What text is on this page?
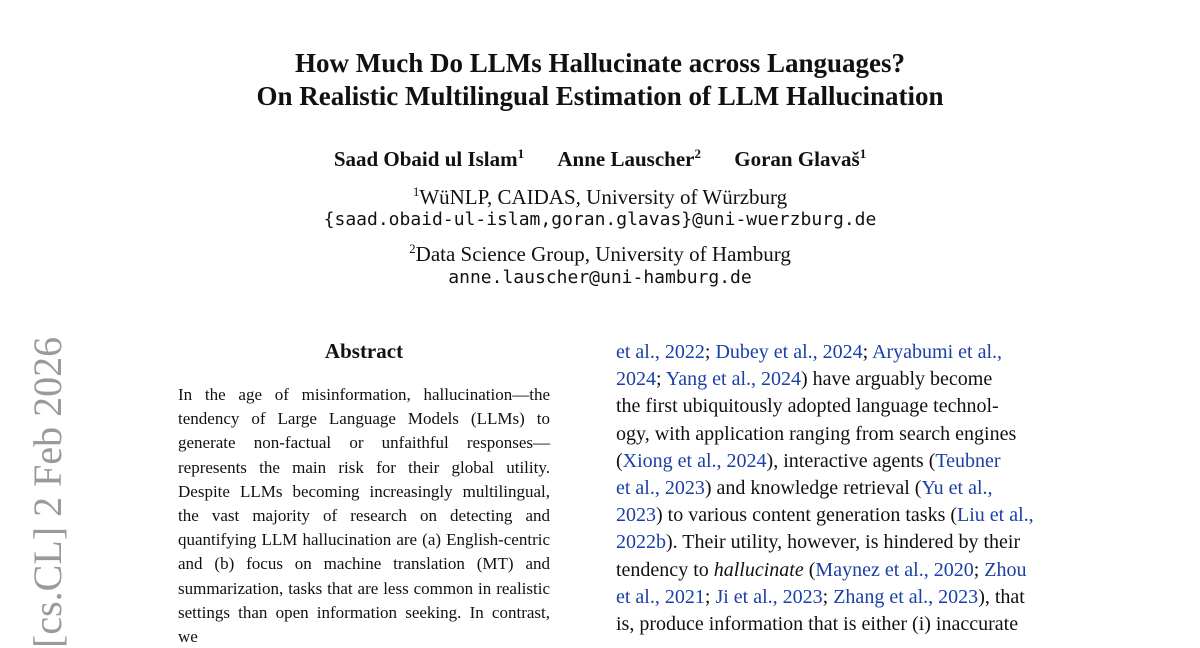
[cs.CL] 2 Feb 2026
How Much Do LLMs Hallucinate across Languages?
On Realistic Multilingual Estimation of LLM Hallucination
Saad Obaid ul Islam$^1$ Anne Lauscher$^2$ Goran Glavaš$^1$
$^1$WüNLP, CAIDAS, University of Würzburg
{saad.obaid-ul-islam,goran.glavas}@uni-wuerzburg.de
$^2$Data Science Group, University of Hamburg
anne.lauscher@uni-hamburg.de
Abstract
In the age of misinformation, hallucination—the tendency of Large Language Models (LLMs) to generate non-factual or unfaithful responses—represents the main risk for their global utility. Despite LLMs becoming increasingly multilingual, the vast majority of research on detecting and quantifying LLM hallucination are (a) English-centric and (b) focus on machine translation (MT) and summarization, tasks that are less common in realistic settings than open information seeking. In contrast, we
et al., 2022; Dubey et al., 2024; Aryabumi et al.,
2024; Yang et al., 2024) have arguably become
the first ubiquitously adopted language technol-
ogy, with application ranging from search engines
(Xiong et al., 2024), interactive agents (Teubner
et al., 2023) and knowledge retrieval (Yu et al.,
2023) to various content generation tasks (Liu et al.,
2022b). Their utility, however, is hindered by their
tendency to hallucinate (Maynez et al., 2020; Zhou
et al., 2021; Ji et al., 2023; Zhang et al., 2023), that
is, produce information that is either (i) inaccurate
